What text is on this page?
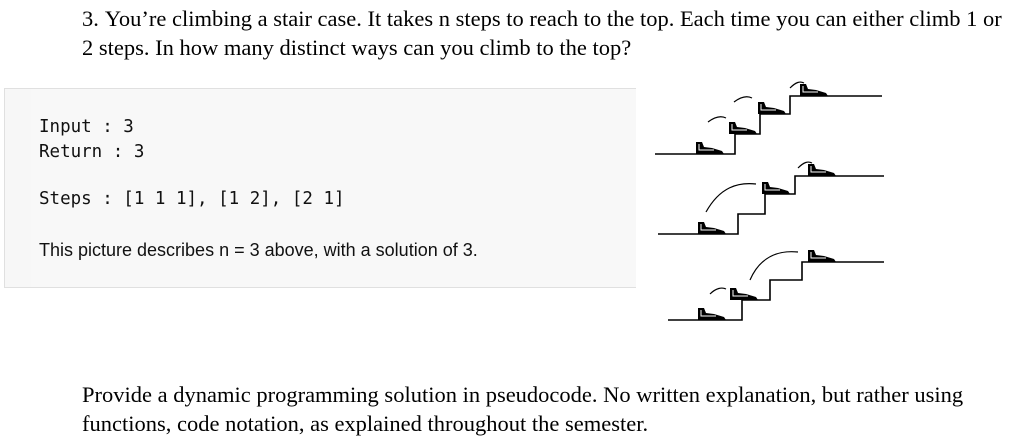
3. You’re climbing a stair case. It takes n steps to reach to the top. Each time you can either climb 1 or 2 steps. In how many distinct ways can you climb to the top?
Input : 3
Return : 3
Steps : [1 1 1], [1 2], [2 1]
This picture describes n = 3 above, with a solution of 3.
Provide a dynamic programming solution in pseudocode. No written explanation, but rather using functions, code notation, as explained throughout the semester.
